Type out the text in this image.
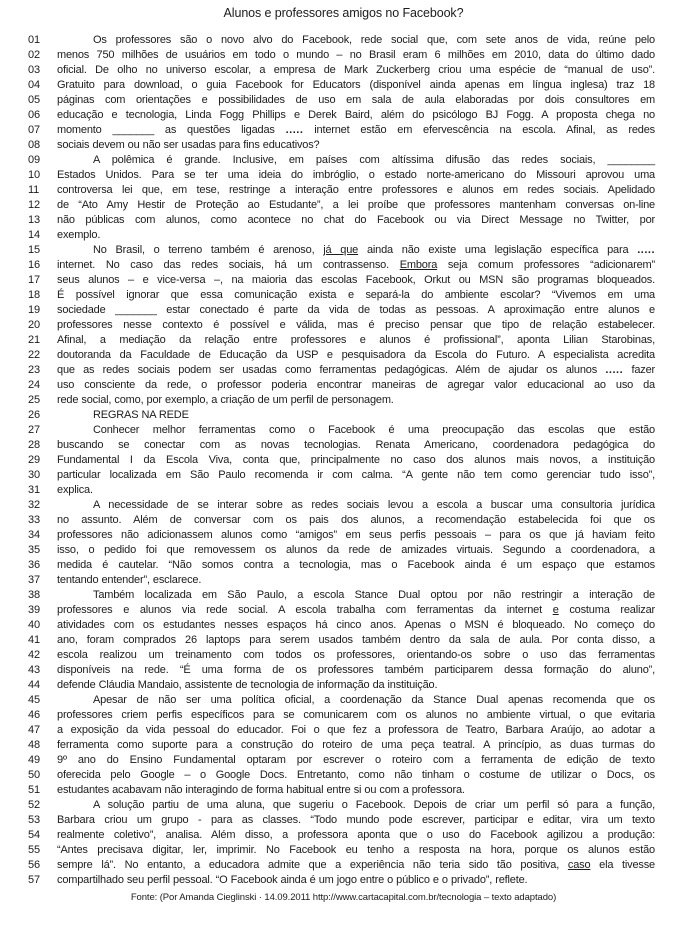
Alunos e professores amigos no Facebook?
01	Os professores são o novo alvo do Facebook, rede social que, com sete anos de vida, reúne pelo
02	menos 750 milhões de usuários em todo o mundo – no Brasil eram 6 milhões em 2010, data do último dado
03	oficial. De olho no universo escolar, a empresa de Mark Zuckerberg criou uma espécie de “manual de uso”.
04	Gratuito para download, o guia Facebook for Educators (disponível ainda apenas em língua inglesa) traz 18
05	páginas com orientações e possibilidades de uso em sala de aula elaboradas por dois consultores em
06	educação e tecnologia, Linda Fogg Phillips e Derek Baird, além do psicólogo BJ Fogg. A proposta chega no
07	momento _______ as questões ligadas ..... internet estão em efervescência na escola. Afinal, as redes
08	sociais devem ou não ser usadas para fins educativos?
09	A polêmica é grande. Inclusive, em países com altíssima difusão das redes sociais, ________
10	Estados Unidos. Para se ter uma ideia do imbróglio, o estado norte-americano do Missouri aprovou uma
11	controversa lei que, em tese, restringe a interação entre professores e alunos em redes sociais. Apelidado
12	de “Ato Amy Hestir de Proteção ao Estudante”, a lei proíbe que professores mantenham conversas on-line
13	não públicas com alunos, como acontece no chat do Facebook ou via Direct Message no Twitter, por
14	exemplo.
15	No Brasil, o terreno também é arenoso, já que ainda não existe uma legislação específica para .....
16	internet. No caso das redes sociais, há um contrassenso. Embora seja comum professores “adicionarem”
17	seus alunos – e vice-versa –, na maioria das escolas Facebook, Orkut ou MSN são programas bloqueados.
18	É possível ignorar que essa comunicação exista e separá-la do ambiente escolar? “Vivemos em uma
19	sociedade _______ estar conectado é parte da vida de todas as pessoas. A aproximação entre alunos e
20	professores nesse contexto é possível e válida, mas é preciso pensar que tipo de relação estabelecer.
21	Afinal, a mediação da relação entre professores e alunos é profissional”, aponta Lilian Starobinas,
22	doutoranda da Faculdade de Educação da USP e pesquisadora da Escola do Futuro. A especialista acredita
23	que as redes sociais podem ser usadas como ferramentas pedagógicas. Além de ajudar os alunos ..... fazer
24	uso consciente da rede, o professor poderia encontrar maneiras de agregar valor educacional ao uso da
25	rede social, como, por exemplo, a criação de um perfil de personagem.
26	REGRAS NA REDE
27	Conhecer melhor ferramentas como o Facebook é uma preocupação das escolas que estão
28	buscando se conectar com as novas tecnologias. Renata Americano, coordenadora pedagógica do
29	Fundamental I da Escola Viva, conta que, principalmente no caso dos alunos mais novos, a instituição
30	particular localizada em São Paulo recomenda ir com calma. “A gente não tem como gerenciar tudo isso”,
31	explica.
32	A necessidade de se interar sobre as redes sociais levou a escola a buscar uma consultoria jurídica
33	no assunto. Além de conversar com os pais dos alunos, a recomendação estabelecida foi que os
34	professores não adicionassem alunos como “amigos” em seus perfis pessoais – para os que já haviam feito
35	isso, o pedido foi que removessem os alunos da rede de amizades virtuais. Segundo a coordenadora, a
36	medida é cautelar. “Não somos contra a tecnologia, mas o Facebook ainda é um espaço que estamos
37	tentando entender”, esclarece.
38	Também localizada em São Paulo, a escola Stance Dual optou por não restringir a interação de
39	professores e alunos via rede social. A escola trabalha com ferramentas da internet e costuma realizar
40	atividades com os estudantes nesses espaços há cinco anos. Apenas o MSN é bloqueado. No começo do
41	ano, foram comprados 26 laptops para serem usados também dentro da sala de aula. Por conta disso, a
42	escola realizou um treinamento com todos os professores, orientando-os sobre o uso das ferramentas
43	disponíveis na rede. “É uma forma de os professores também participarem dessa formação do aluno”,
44	defende Cláudia Mandaio, assistente de tecnologia de informação da instituição.
45	Apesar de não ser uma política oficial, a coordenação da Stance Dual apenas recomenda que os
46	professores criem perfis específicos para se comunicarem com os alunos no ambiente virtual, o que evitaria
47	a exposição da vida pessoal do educador. Foi o que fez a professora de Teatro, Barbara Araújo, ao adotar a
48	ferramenta como suporte para a construção do roteiro de uma peça teatral. A princípio, as duas turmas do
49	9º ano do Ensino Fundamental optaram por escrever o roteiro com a ferramenta de edição de texto
50	oferecida pelo Google – o Google Docs. Entretanto, como não tinham o costume de utilizar o Docs, os
51	estudantes acabavam não interagindo de forma habitual entre si ou com a professora.
52	A solução partiu de uma aluna, que sugeriu o Facebook. Depois de criar um perfil só para a função,
53	Barbara criou um grupo - para as classes. “Todo mundo pode escrever, participar e editar, vira um texto
54	realmente coletivo”, analisa. Além disso, a professora aponta que o uso do Facebook agilizou a produção:
55	“Antes precisava digitar, ler, imprimir. No Facebook eu tenho a resposta na hora, porque os alunos estão
56	sempre lá”. No entanto, a educadora admite que a experiência não teria sido tão positiva, caso ela tivesse
57	compartilhado seu perfil pessoal. “O Facebook ainda é um jogo entre o público e o privado”, reflete.
Fonte: (Por Amanda Cieglinski · 14.09.2011 http://www.cartacapital.com.br/tecnologia – texto adaptado)
